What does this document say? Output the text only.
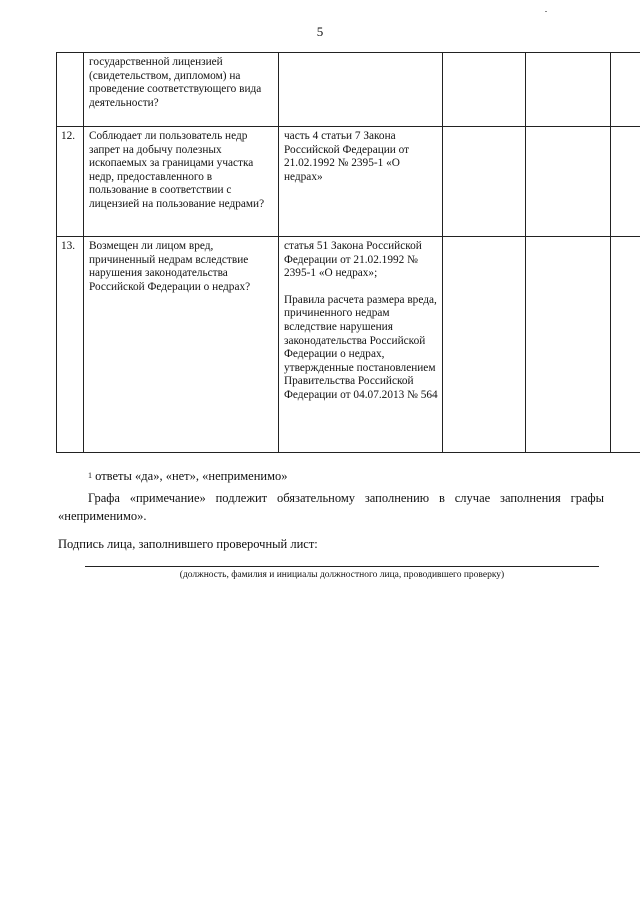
5
	государственной лицензией (свидетельством, дипломом) на проведение соответствующего вида деятельности?	

12.	Соблюдает ли пользователь недр запрет на добычу полезных ископаемых за границами участка недр, предоставленного в пользование в соответствии с лицензией на пользование недрами?	часть 4 статьи 7 Закона Российской Федерации от 21.02.1992 № 2395-1 «О недрах»			

13.	Возмещен ли лицом вред, причиненный недрам вследствие нарушения законодательства Российской Федерации о недрах?	статья 51 Закона Российской Федерации от 21.02.1992 № 2395-1 «О недрах»;

Правила расчета размера вреда, причиненного недрам вследствие нарушения законодательства Российской Федерации о недрах, утвержденные постановлением Правительства Российской Федерации от 04.07.2013 № 564			

$^1$ ответы «да», «нет», «неприменимо»
Графа «примечание» подлежит обязательному заполнению в случае заполнения графы «неприменимо».
Подпись лица, заполнившего проверочный лист:
(должность, фамилия и инициалы должностного лица, проводившего проверку)
